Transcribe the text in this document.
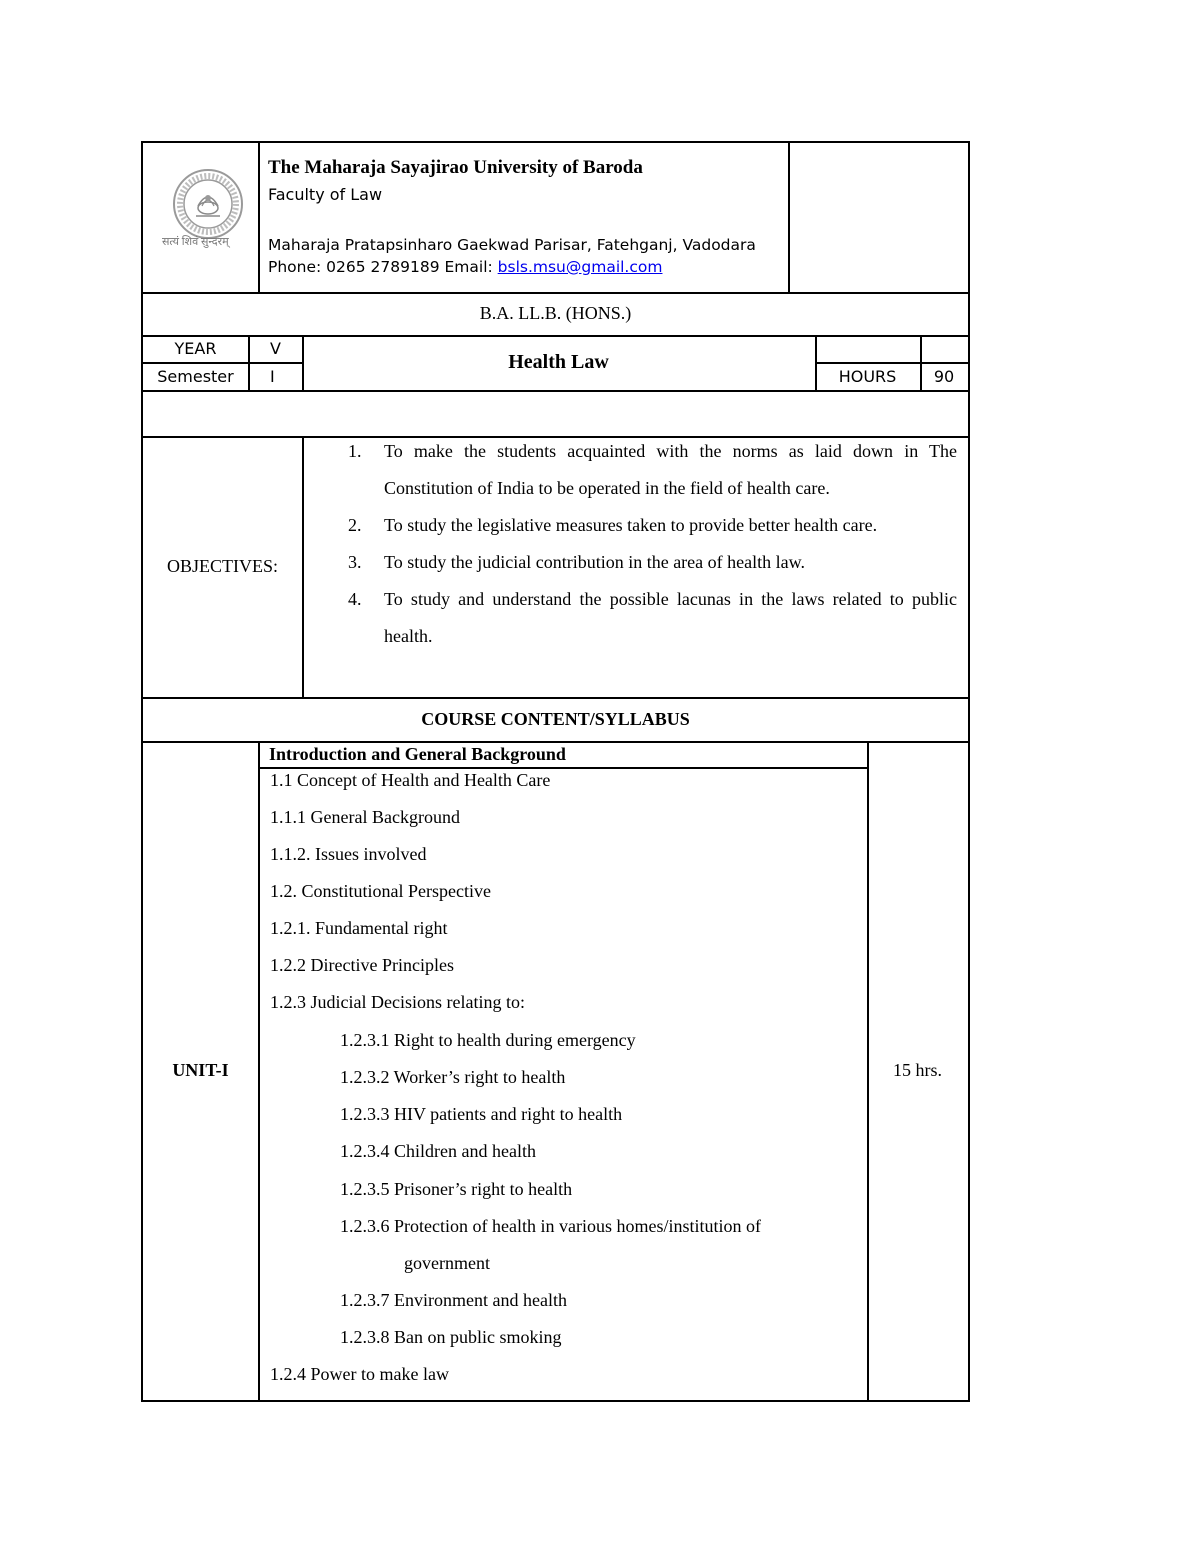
सत्यं शिवं सुन्दरम्
The Maharaja Sayajirao University of Baroda
Faculty of Law
Maharaja Pratapsinharo Gaekwad Parisar, Fatehganj, Vadodara
Phone: 0265 2789189 Email: bsls.msu@gmail.com
B.A. LL.B. (HONS.)
YEAR	V
Semester	I
Health Law
HOURS	90
OBJECTIVES:
1. To make the students acquainted with the norms as laid down in The Constitution of India to be operated in the field of health care.
2. To study the legislative measures taken to provide better health care.
3. To study the judicial contribution in the area of health law.
4. To study and understand the possible lacunas in the laws related to public health.
COURSE CONTENT/SYLLABUS
UNIT-I	15 hrs.
Introduction and General Background
1.1 Concept of Health and Health Care
1.1.1 General Background
1.1.2. Issues involved
1.2. Constitutional Perspective
1.2.1. Fundamental right
1.2.2 Directive Principles
1.2.3 Judicial Decisions relating to:
1.2.3.1 Right to health during emergency
1.2.3.2 Worker’s right to health
1.2.3.3 HIV patients and right to health
1.2.3.4 Children and health
1.2.3.5 Prisoner’s right to health
1.2.3.6 Protection of health in various homes/institution of
government
1.2.3.7 Environment and health
1.2.3.8 Ban on public smoking
1.2.4 Power to make law
